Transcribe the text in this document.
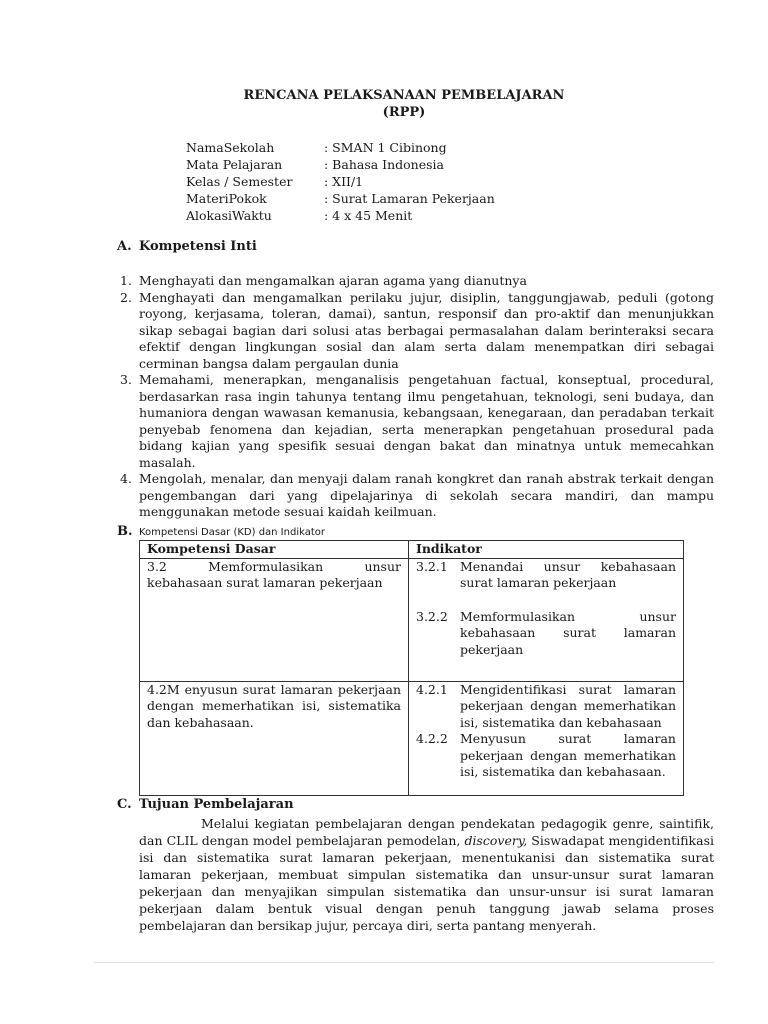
RENCANA PELAKSANAAN PEMBELAJARAN
(RPP)
NamaSekolah	: SMAN 1 Cibinong
Mata Pelajaran	: Bahasa Indonesia
Kelas / Semester	: XII/1
MateriPokok	: Surat Lamaran Pekerjaan
AlokasiWaktu	: 4 x 45 Menit
A. Kompetensi Inti
1. Menghayati dan mengamalkan ajaran agama yang dianutnya
2. Menghayati dan mengamalkan perilaku jujur, disiplin, tanggungjawab, peduli (gotong royong, kerjasama, toleran, damai), santun, responsif dan pro-aktif dan menunjukkan sikap sebagai bagian dari solusi atas berbagai permasalahan dalam berinteraksi secara efektif dengan lingkungan sosial dan alam serta dalam menempatkan diri sebagai cerminan bangsa dalam pergaulan dunia
3. Memahami, menerapkan, menganalisis pengetahuan factual, konseptual, procedural, berdasarkan rasa ingin tahunya tentang ilmu pengetahuan, teknologi, seni budaya, dan humaniora dengan wawasan kemanusia, kebangsaan, kenegaraan, dan peradaban terkait penyebab fenomena dan kejadian, serta menerapkan pengetahuan prosedural pada bidang kajian yang spesifik sesuai dengan bakat dan minatnya untuk memecahkan masalah.
4. Mengolah, menalar, dan menyaji dalam ranah kongkret dan ranah abstrak terkait dengan pengembangan dari yang dipelajarinya di sekolah secara mandiri, dan mampu menggunakan metode sesuai kaidah keilmuan.
B. Kompetensi Dasar (KD) dan Indikator
Kompetensi Dasar	Indikator

3.2 Memformulasikan unsur kebahasaan surat lamaran pekerjaan	3.2.1 Menandai unsur kebahasaan surat lamaran pekerjaan
3.2.2 Memformulasikan unsur kebahasaan surat lamaran pekerjaan

4.2M enyusun surat lamaran pekerjaan dengan memerhatikan isi, sistematika dan kebahasaan.	4.2.1 Mengidentifikasi surat lamaran pekerjaan dengan memerhatikan isi, sistematika dan kebahasaan
4.2.2 Menyusun surat lamaran pekerjaan dengan memerhatikan isi, sistematika dan kebahasaan.
C. Tujuan Pembelajaran
Melalui kegiatan pembelajaran dengan pendekatan pedagogik genre, saintifik, dan CLIL dengan model pembelajaran pemodelan, discovery, Siswadapat mengidentifikasi isi dan sistematika surat lamaran pekerjaan, menentukanisi dan sistematika surat lamaran pekerjaan, membuat simpulan sistematika dan unsur-unsur surat lamaran pekerjaan dan menyajikan simpulan sistematika dan unsur-unsur isi surat lamaran pekerjaan dalam bentuk visual dengan penuh tanggung jawab selama proses pembelajaran dan bersikap jujur, percaya diri, serta pantang menyerah.
